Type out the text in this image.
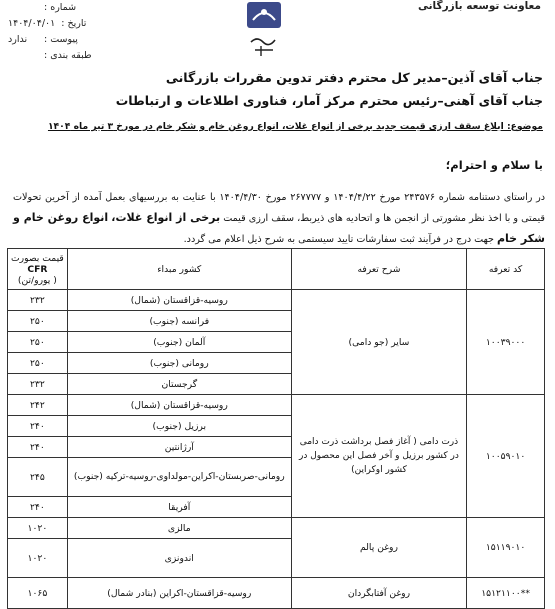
شماره :
تاریخ :
۱۴۰۴/۰۴/۰۱
پیوست :
ندارد
طبقه بندی :
معاونت توسعه بازرگانی
جناب آقای آذین–مدیر کل محترم دفتر تدوین مقررات بازرگانی
جناب آقای آهنی–رئیس محترم مرکز آمار، فناوری اطلاعات و ارتباطات
موضوع: ابلاغ سقف ارزی قیمت جدید برخی از انواع غلات، انواع روغن خام و شکر خام در مورخ ۳ تیر ماه ۱۴۰۴
با سلام و احترام؛
در راستای دستنامه شماره ۲۴۳۵۷۶ مورخ ۱۴۰۴/۴/۲۲ و ۲۶۷۷۷۷ مورخ ۱۴۰۴/۴/۳۰ با عنایت به بررسیهای بعمل آمده از آخرین تحولات قیمتی و با اخذ نظر مشورتی از انجمن ها و اتحادیه های ذیربط، سقف ارزی قیمت برخی از انواع غلات، انواع روغن خام و شکر خام جهت درج در فرآیند ثبت سفارشات تایید سیستمی به شرح ذیل اعلام می گردد.
کد تعرفه	شرح تعرفه	کشور مبداء	قیمت بصورت
CFR
( یورو/تن)

۱۰۰۳۹۰۰۰	سایر (جو دامی)	روسیه-قزاقستان (شمال)	۲۳۲
		فرانسه (جنوب)	۲۵۰
		آلمان (جنوب)	۲۵۰
		رومانی (جنوب)	۲۵۰
		گرجستان	۲۳۲
۱۰۰۵۹۰۱۰	ذرت دامی ( آغاز فصل برداشت ذرت دامی در کشور برزیل و آخر فصل این محصول در کشور اوکراین)	روسیه-قزاقستان (شمال)	۲۴۲
		برزیل (جنوب)	۲۴۰
		آرژانتین	۲۴۰
		رومانی-صربستان-اکراین-مولداوی-روسیه-ترکیه (جنوب)	۲۴۵
		آفریقا	۲۴۰
۱۵۱۱۹۰۱۰	روغن پالم	مالزی	۱۰۲۰
		اندونزی	۱۰۲۰
**۱۵۱۲۱۱۰۰	روغن آفتابگردان	روسیه-قزاقستان-اکراین (بنادر شمال)	۱۰۶۵
